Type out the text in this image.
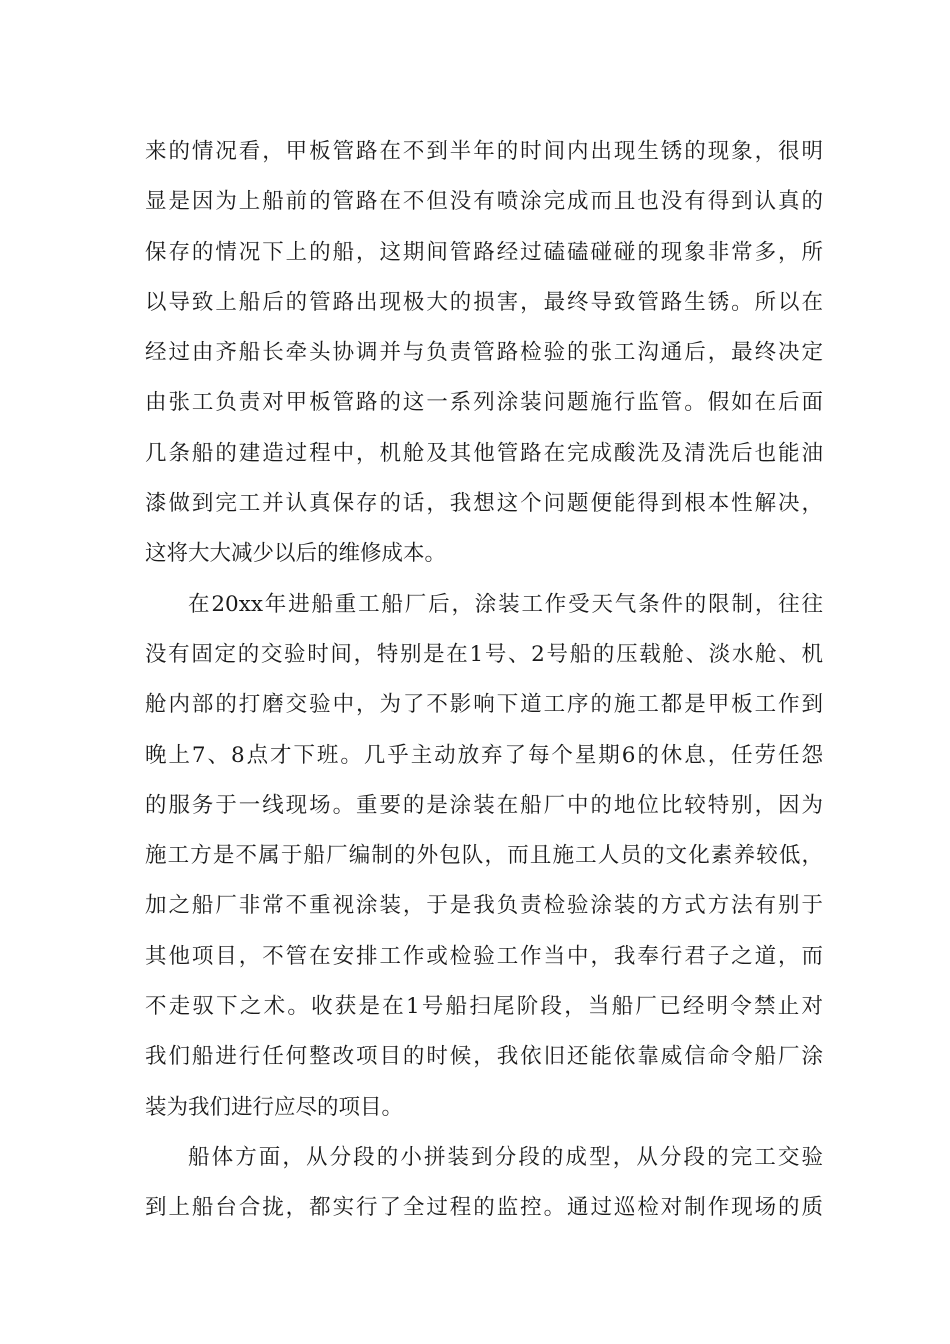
来的情况看，甲板管路在不到半年的时间内出现生锈的现象，很明
显是因为上船前的管路在不但没有喷涂完成而且也没有得到认真的
保存的情况下上的船，这期间管路经过磕磕碰碰的现象非常多，所
以导致上船后的管路出现极大的损害，最终导致管路生锈。所以在
经过由齐船长牵头协调并与负责管路检验的张工沟通后，最终决定
由张工负责对甲板管路的这一系列涂装问题施行监管。假如在后面
几条船的建造过程中，机舱及其他管路在完成酸洗及清洗后也能油
漆做到完工并认真保存的话，我想这个问题便能得到根本性解决，
这将大大减少以后的维修成本。
在20xx年进船重工船厂后，涂装工作受天气条件的限制，往往
没有固定的交验时间，特别是在1号、2号船的压载舱、淡水舱、机
舱内部的打磨交验中，为了不影响下道工序的施工都是甲板工作到
晚上7、8点才下班。几乎主动放弃了每个星期6的休息，任劳任怨
的服务于一线现场。重要的是涂装在船厂中的地位比较特别，因为
施工方是不属于船厂编制的外包队，而且施工人员的文化素养较低，
加之船厂非常不重视涂装，于是我负责检验涂装的方式方法有别于
其他项目，不管在安排工作或检验工作当中，我奉行君子之道，而
不走驭下之术。收获是在1号船扫尾阶段，当船厂已经明令禁止对
我们船进行任何整改项目的时候，我依旧还能依靠威信命令船厂涂
装为我们进行应尽的项目。
船体方面，从分段的小拼装到分段的成型，从分段的完工交验
到上船台合拢，都实行了全过程的监控。通过巡检对制作现场的质
